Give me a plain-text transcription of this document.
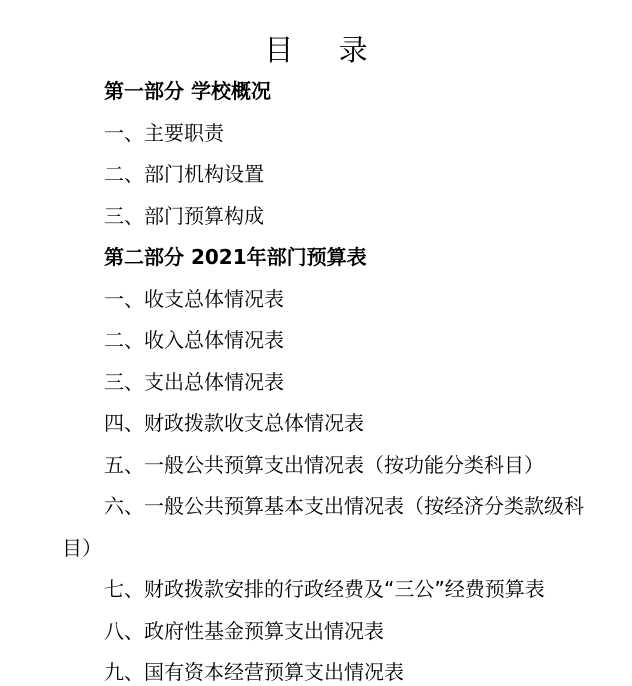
目 录
第一部分 学校概况
一、主要职责
二、部门机构设置
三、部门预算构成
第二部分 2021年部门预算表
一、收支总体情况表
二、收入总体情况表
三、支出总体情况表
四、财政拨款收支总体情况表
五、一般公共预算支出情况表（按功能分类科目）
六、一般公共预算基本支出情况表（按经济分类款级科
目）
七、财政拨款安排的行政经费及“三公”经费预算表
八、政府性基金预算支出情况表
九、国有资本经营预算支出情况表
